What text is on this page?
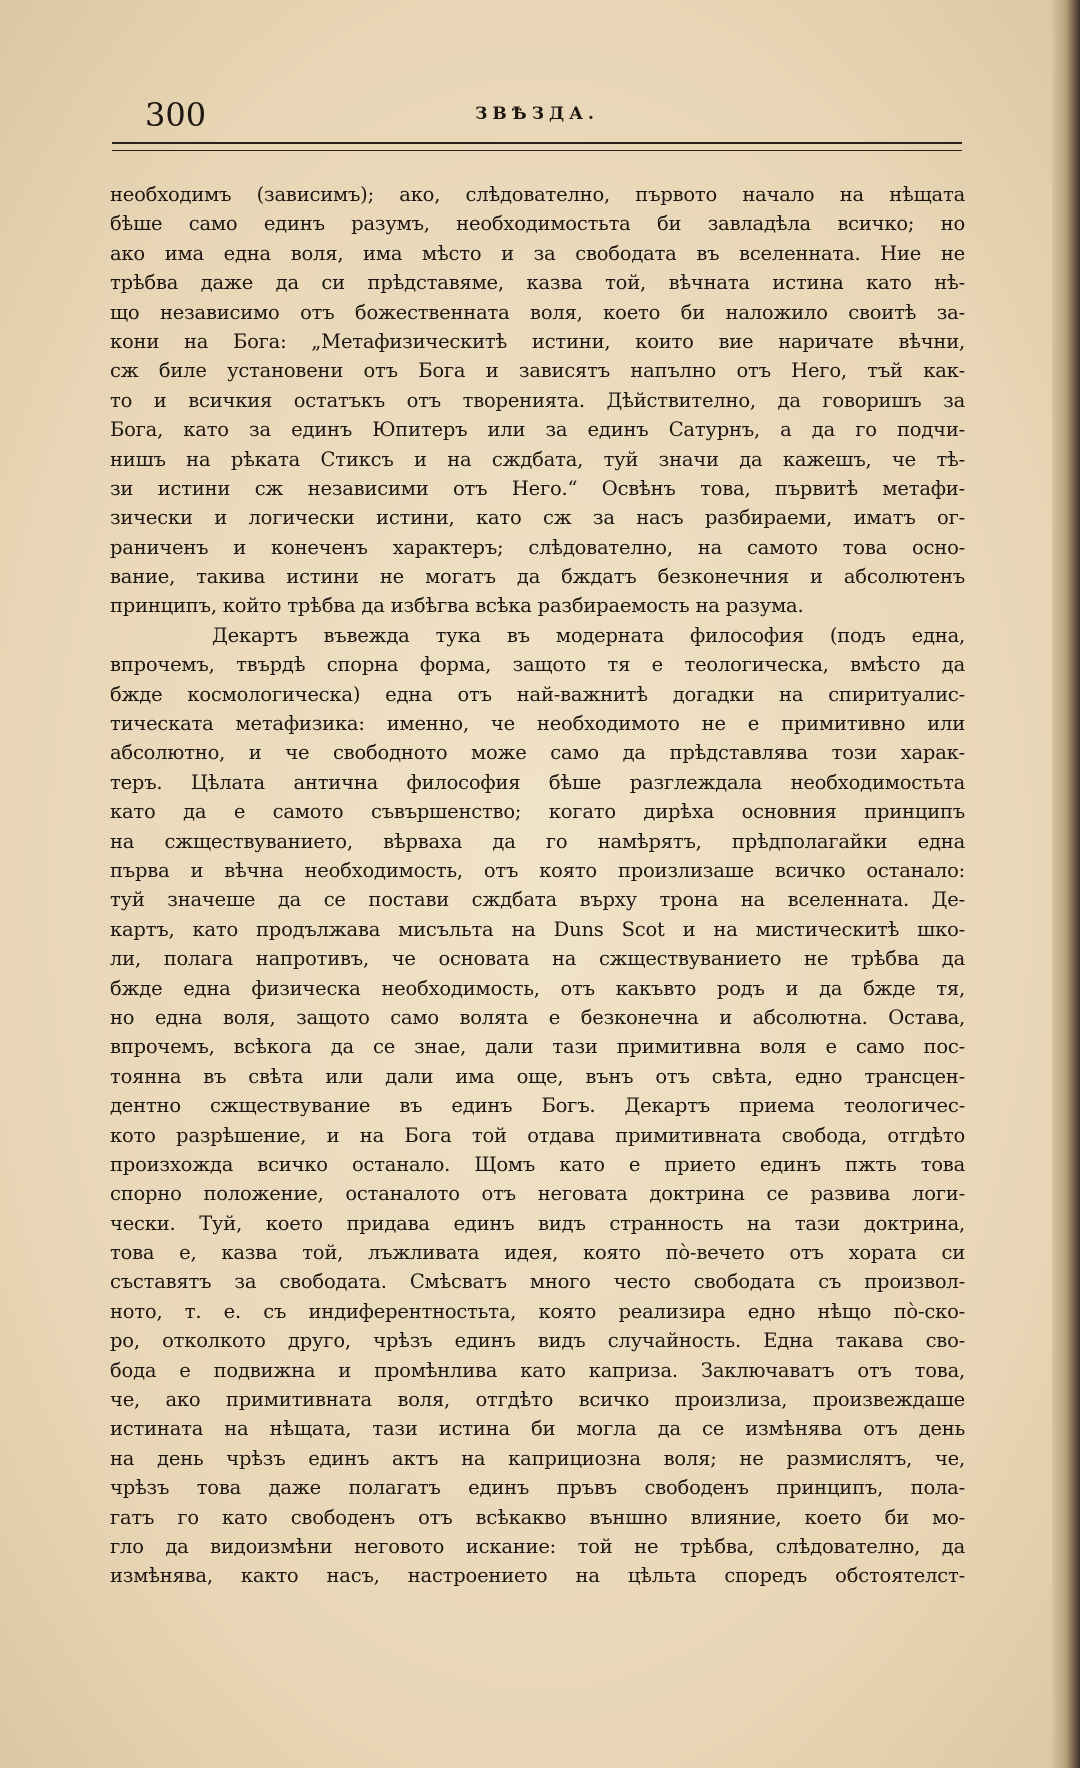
300	ЗВѢЗДА.
необходимъ (зависимъ); ако, слѣдователно, първото начало на нѣщата
бѣше само единъ разумъ, необходимостьта би завладѣла всичко; но
ако има една воля, има мѣсто и за свободата въ вселенната. Ние не
трѣбва даже да си прѣдставяме, казва той, вѣчната истина като нѣ-
що независимо отъ божественната воля, което би наложило своитѣ за-
кони на Бога: „Метафизическитѣ истини, които вие наричате вѣчни,
сж биле установени отъ Бога и зависятъ напълно отъ Него, тъй как-
то и всичкия остатъкъ отъ творенията. Дѣйствително, да говоришъ за
Бога, като за единъ Юпитеръ или за единъ Сатурнъ, а да го подчи-
нишъ на рѣката Стиксъ и на сждбата, туй значи да кажешъ, че тѣ-
зи истини сж независими отъ Него.“ Освѣнъ това, първитѣ метафи-
зически и логически истини, като сж за насъ разбираеми, иматъ ог-
раниченъ и конеченъ характеръ; слѣдователно, на самото това осно-
вание, такива истини не могатъ да бждатъ безконечния и абсолютенъ
принципъ, който трѣбва да избѣгва всѣка разбираемость на разума.
Декартъ въвежда тука въ модерната философия (подъ една,
впрочемъ, твърдѣ спорна форма, защото тя е теологическа, вмѣсто да
бжде космологическа) една отъ най-важнитѣ догадки на спиритуалис-
тическата метафизика: именно, че необходимото не е примитивно или
абсолютно, и че свободното може само да прѣдставлява този харак-
теръ. Цѣлата антична философия бѣше разглеждала необходимостьта
като да е самото съвършенство; когато дирѣха основния принципъ
на сжществуванието, вѣрваха да го намѣрятъ, прѣдполагайки една
първа и вѣчна необходимость, отъ която произлизаше всичко останало:
туй значеше да се постави сждбата върху трона на вселенната. Де-
картъ, като продължава мисъльта на Duns Scot и на мистическитѣ шко-
ли, полага напротивъ, че основата на сжществуванието не трѣбва да
бжде една физическа необходимость, отъ какъвто родъ и да бжде тя,
но една воля, защото само волята е безконечна и абсолютна. Остава,
впрочемъ, всѣкога да се знае, дали тази примитивна воля е само пос-
тоянна въ свѣта или дали има още, вънъ отъ свѣта, едно трансцен-
дентно сжществувание въ единъ Богъ. Декартъ приема теологичес-
кото разрѣшение, и на Бога той отдава примитивната свобода, отгдѣто
произхожда всичко останало. Щомъ като е прието единъ пжть това
спорно положение, останалото отъ неговата доктрина се развива логи-
чески. Туй, което придава единъ видъ странность на тази доктрина,
това е, казва той, лъжливата идея, която пò-вечето отъ хората си
съставятъ за свободата. Смѣсватъ много често свободата съ произвол-
ното, т. е. съ индиферентностьта, която реализира едно нѣщо пò-ско-
ро, отколкото друго, чрѣзъ единъ видъ случайность. Една такава сво-
бода е подвижна и промѣнлива като каприза. Заключаватъ отъ това,
че, ако примитивната воля, отгдѣто всичко произлиза, произвеждаше
истината на нѣщата, тази истина би могла да се измѣнява отъ день
на день чрѣзъ единъ актъ на каприциозна воля; не размислятъ, че,
чрѣзъ това даже полагатъ единъ пръвъ свободенъ принципъ, пола-
гатъ го като свободенъ отъ всѣкакво външно влияние, което би мо-
гло да видоизмѣни неговото искание: той не трѣбва, слѣдователно, да
измѣнява, както насъ, настроението на цѣльта споредъ обстоятелст-
